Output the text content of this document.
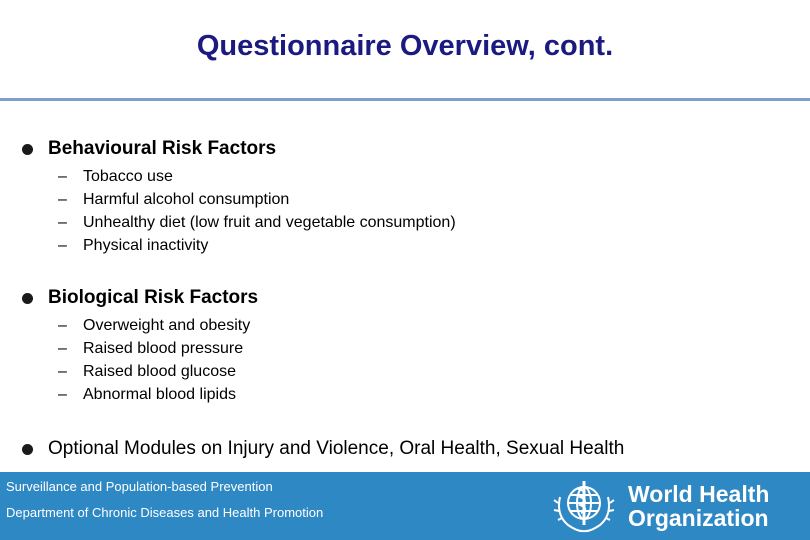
Questionnaire Overview, cont.
Behavioural Risk Factors
–	Tobacco use
–	Harmful alcohol consumption
–	Unhealthy diet (low fruit and vegetable consumption)
–	Physical inactivity
Biological Risk Factors
–	Overweight and obesity
–	Raised blood pressure
–	Raised blood glucose
–	Abnormal blood lipids
Optional Modules on Injury and Violence, Oral Health, Sexual Health
Surveillance and Population-based Prevention
Department of Chronic Diseases and Health Promotion
World Health
Organization
